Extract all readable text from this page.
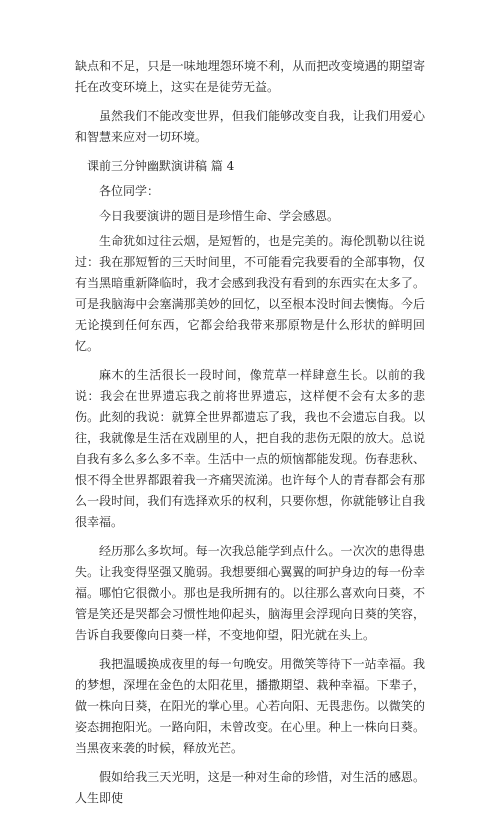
缺点和不足，只是一味地埋怨环境不利，从而把改变境遇的期望寄托在改变环境上，这实在是徒劳无益。

虽然我们不能改变世界，但我们能够改变自我，让我们用爱心和智慧来应对一切环境。

课前三分钟幽默演讲稿 篇 4

各位同学：

今日我要演讲的题目是珍惜生命、学会感恩。

生命犹如过往云烟，是短暂的，也是完美的。海伦凯勒以往说过：我在那短暂的三天时间里，不可能看完我要看的全部事物，仅有当黑暗重新降临时，我才会感到我没有看到的东西实在太多了。可是我脑海中会塞满那美妙的回忆，以至根本没时间去懊悔。今后无论摸到任何东西，它都会给我带来那原物是什么形状的鲜明回忆。

麻木的生活很长一段时间，像荒草一样肆意生长。以前的我说：我会在世界遗忘我之前将世界遗忘，这样便不会有太多的悲伤。此刻的我说：就算全世界都遗忘了我，我也不会遗忘自我。以往，我就像是生活在戏剧里的人，把自我的悲伤无限的放大。总说自我有多么多么多不幸。生活中一点的烦恼都能发现。伤春悲秋、恨不得全世界都跟着我一齐痛哭流涕。也许每个人的青春都会有那么一段时间，我们有选择欢乐的权利，只要你想，你就能够让自我很幸福。

经历那么多坎坷。每一次我总能学到点什么。一次次的患得患失。让我变得坚强又脆弱。我想要细心翼翼的呵护身边的每一份幸福。哪怕它很微小。那也是我所拥有的。以往那么喜欢向日葵，不管是笑还是哭都会习惯性地仰起头，脑海里会浮现向日葵的笑容，告诉自我要像向日葵一样，不变地仰望，阳光就在头上。

我把温暖换成夜里的每一句晚安。用微笑等待下一站幸福。我的梦想，深埋在金色的太阳花里，播撒期望、栽种幸福。下辈子，做一株向日葵，在阳光的掌心里。心若向阳、无畏悲伤。以微笑的姿态拥抱阳光。一路向阳，未曾改变。在心里。种上一株向日葵。当黑夜来袭的时候，释放光芒。

假如给我三天光明，这是一种对生命的珍惜，对生活的感恩。人生即使
